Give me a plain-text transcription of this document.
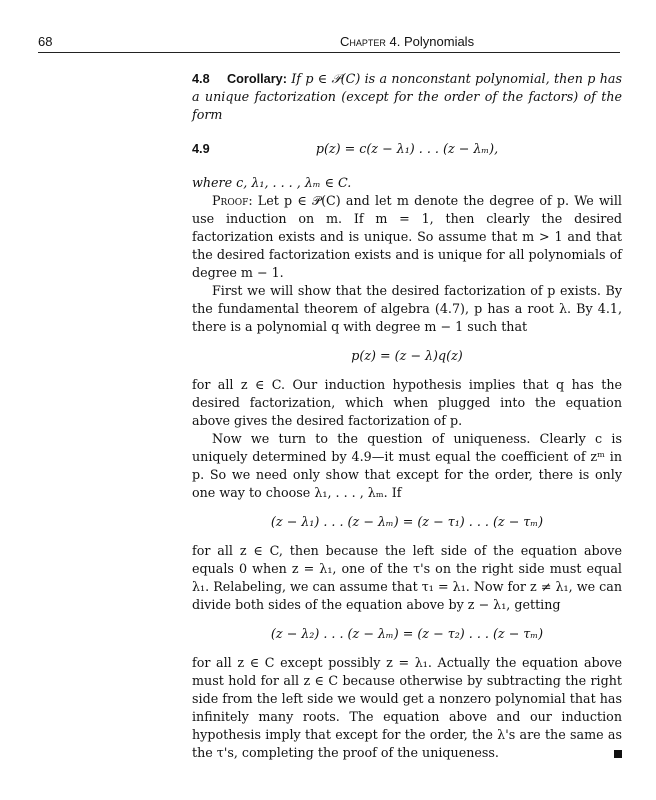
68	Chapter 4. Polynomials

4.8 Corollary: If p ∈ 𝒫(C) is a nonconstant polynomial, then p has a unique factorization (except for the order of the factors) of the form

4.9	p(z) = c(z − λ₁) . . . (z − λₘ),

where c, λ₁, . . . , λₘ ∈ C.

Proof: Let p ∈ 𝒫(C) and let m denote the degree of p. We will use induction on m. If m = 1, then clearly the desired factorization exists and is unique. So assume that m > 1 and that the desired factorization exists and is unique for all polynomials of degree m − 1.

First we will show that the desired factorization of p exists. By the fundamental theorem of algebra (4.7), p has a root λ. By 4.1, there is a polynomial q with degree m − 1 such that

p(z) = (z − λ)q(z)

for all z ∈ C. Our induction hypothesis implies that q has the desired factorization, which when plugged into the equation above gives the desired factorization of p.

Now we turn to the question of uniqueness. Clearly c is uniquely determined by 4.9—it must equal the coefficient of zᵐ in p. So we need only show that except for the order, there is only one way to choose λ₁, . . . , λₘ. If

(z − λ₁) . . . (z − λₘ) = (z − τ₁) . . . (z − τₘ)

for all z ∈ C, then because the left side of the equation above equals 0 when z = λ₁, one of the τ's on the right side must equal λ₁. Relabeling, we can assume that τ₁ = λ₁. Now for z ≠ λ₁, we can divide both sides of the equation above by z − λ₁, getting

(z − λ₂) . . . (z − λₘ) = (z − τ₂) . . . (z − τₘ)

for all z ∈ C except possibly z = λ₁. Actually the equation above must hold for all z ∈ C because otherwise by subtracting the right side from the left side we would get a nonzero polynomial that has infinitely many roots. The equation above and our induction hypothesis imply that except for the order, the λ's are the same as the τ's, completing the proof of the uniqueness.
